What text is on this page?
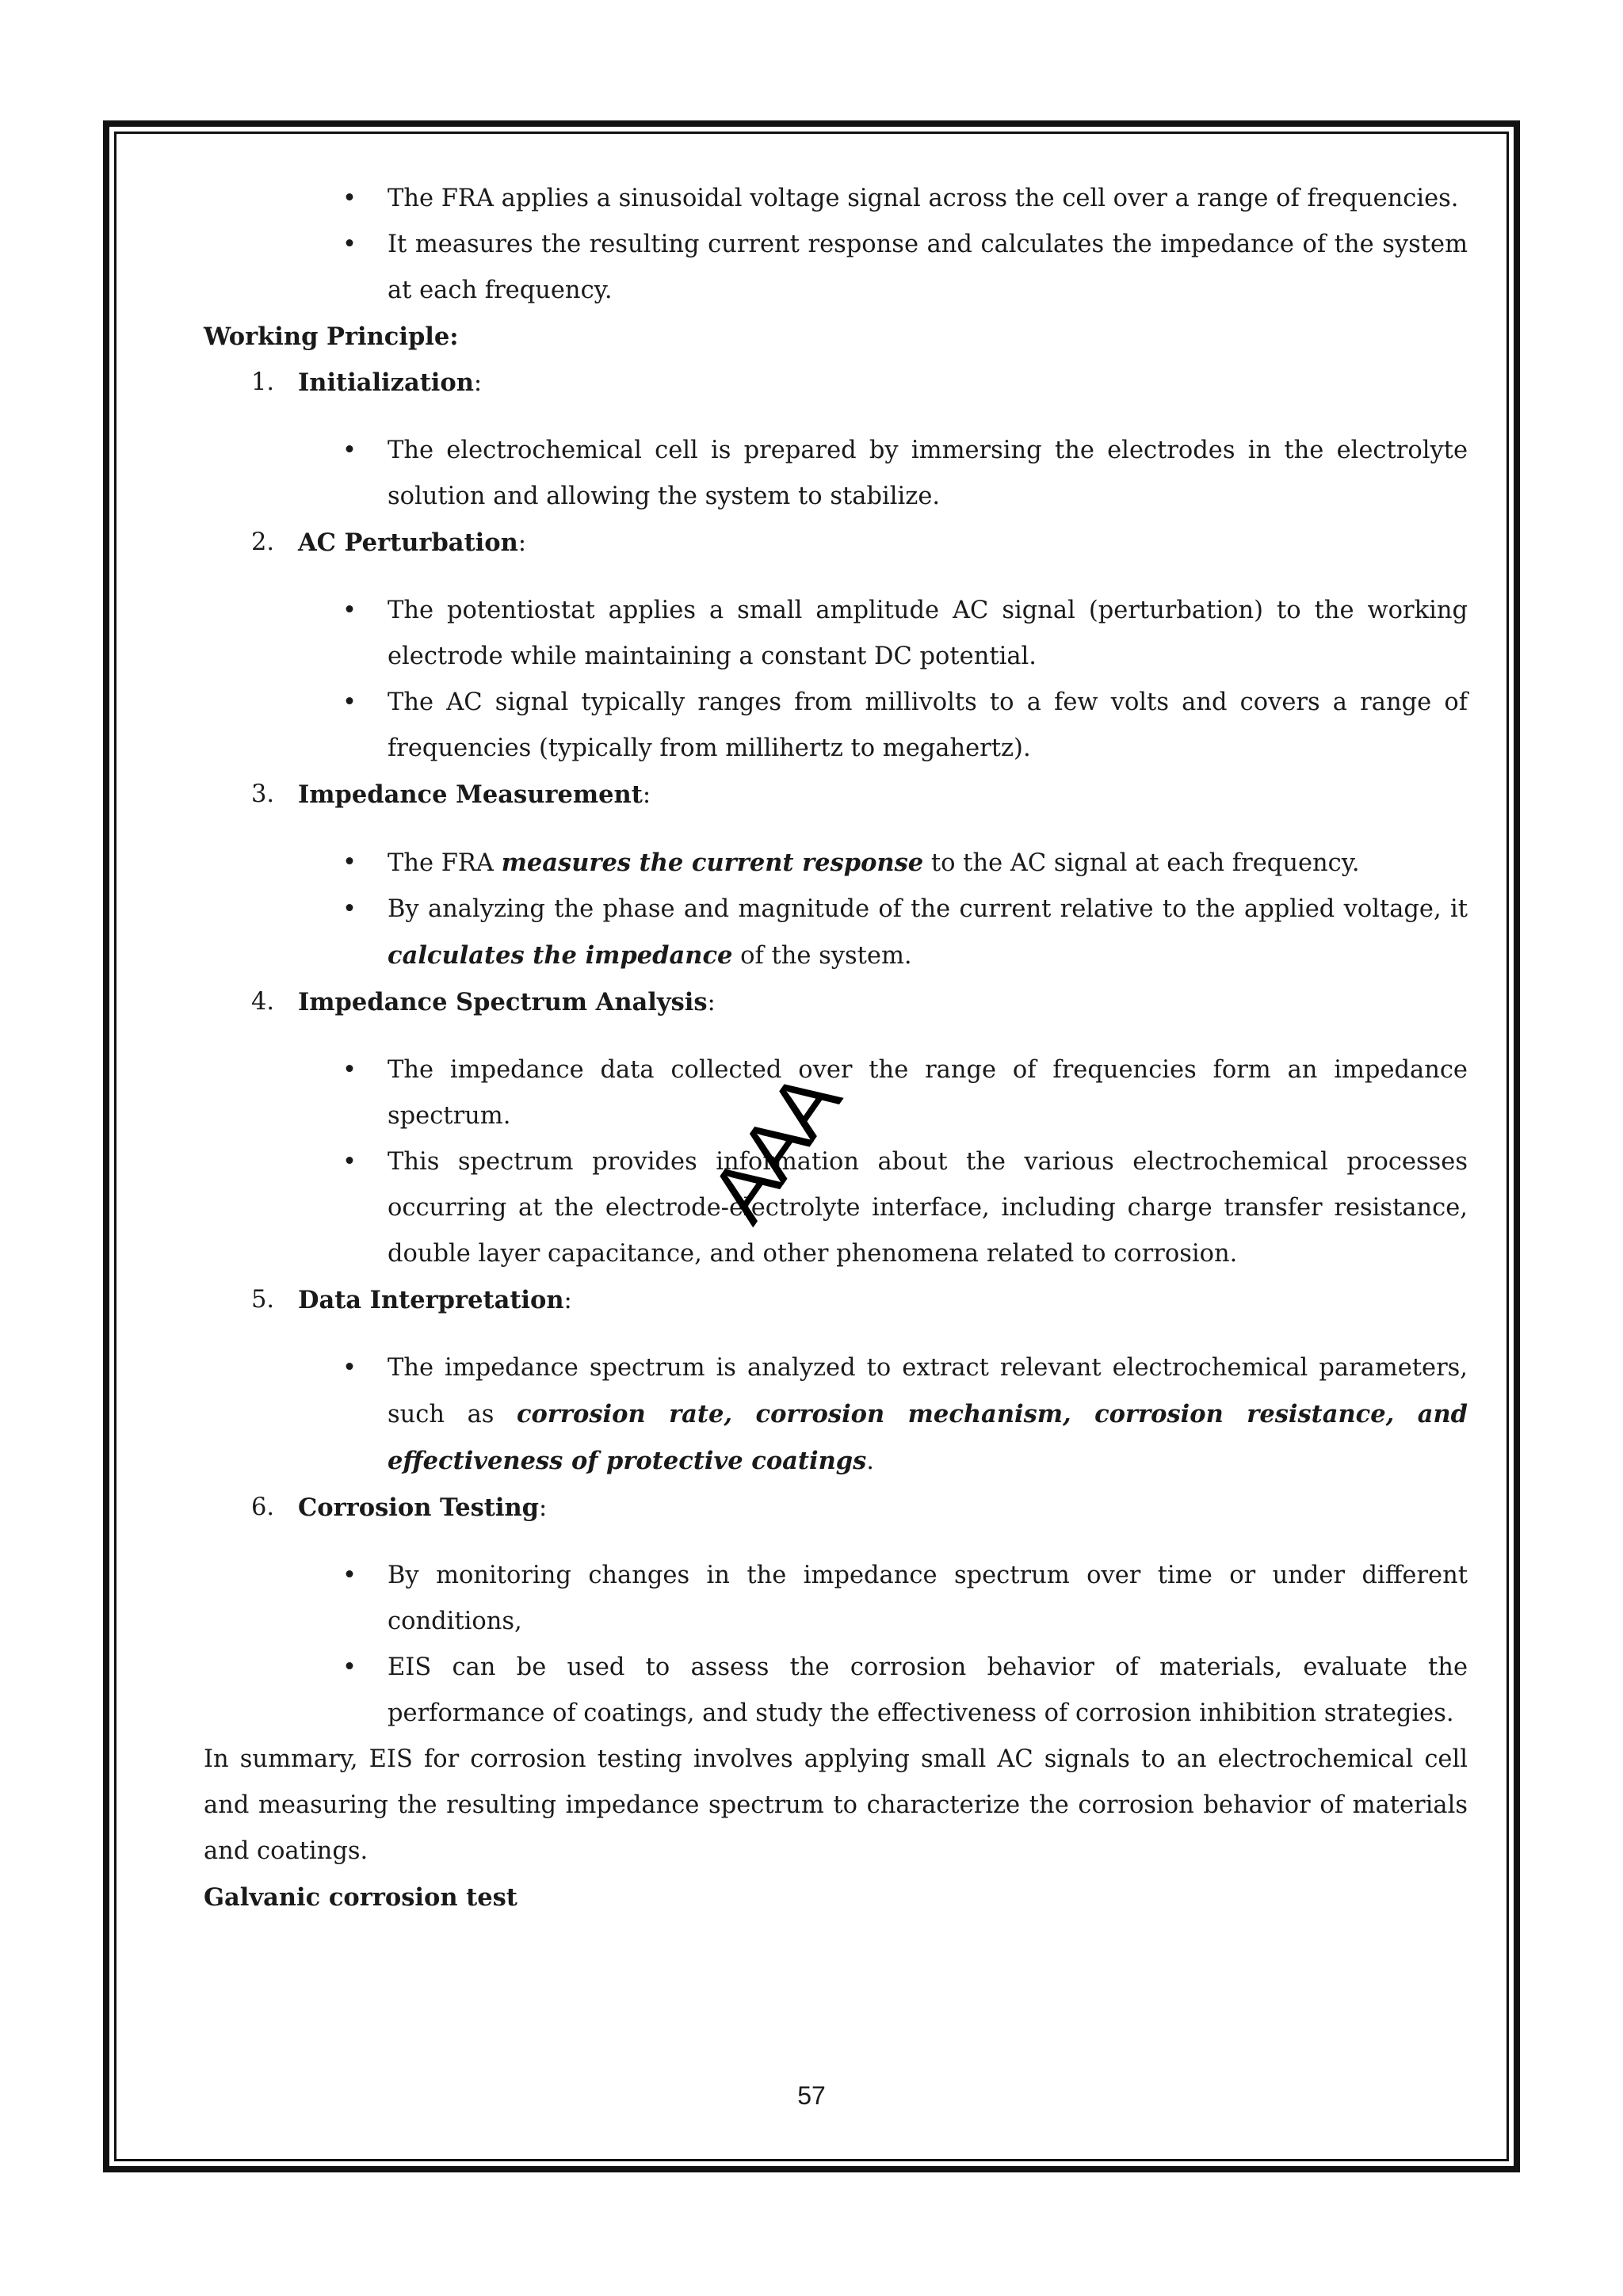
• The FRA applies a sinusoidal voltage signal across the cell over a range of frequencies.

• It measures the resulting current response and calculates the impedance of the system at each frequency.

Working Principle:

1. Initialization:

• The electrochemical cell is prepared by immersing the electrodes in the electrolyte solution and allowing the system to stabilize.

2. AC Perturbation:

• The potentiostat applies a small amplitude AC signal (perturbation) to the working electrode while maintaining a constant DC potential.

• The AC signal typically ranges from millivolts to a few volts and covers a range of frequencies (typically from millihertz to megahertz).

3. Impedance Measurement:

• The FRA measures the current response to the AC signal at each frequency.

• By analyzing the phase and magnitude of the current relative to the applied voltage, it calculates the impedance of the system.

4. Impedance Spectrum Analysis:

• The impedance data collected over the range of frequencies form an impedance spectrum.

• This spectrum provides information about the various electrochemical processes occurring at the electrode-electrolyte interface, including charge transfer resistance, double layer capacitance, and other phenomena related to corrosion.

5. Data Interpretation:

• The impedance spectrum is analyzed to extract relevant electrochemical parameters, such as corrosion rate, corrosion mechanism, corrosion resistance, and effectiveness of protective coatings.

6. Corrosion Testing:

• By monitoring changes in the impedance spectrum over time or under different conditions,

• EIS can be used to assess the corrosion behavior of materials, evaluate the performance of coatings, and study the effectiveness of corrosion inhibition strategies.

In summary, EIS for corrosion testing involves applying small AC signals to an electrochemical cell and measuring the resulting impedance spectrum to characterize the corrosion behavior of materials and coatings.

Galvanic corrosion test

AAA
57
